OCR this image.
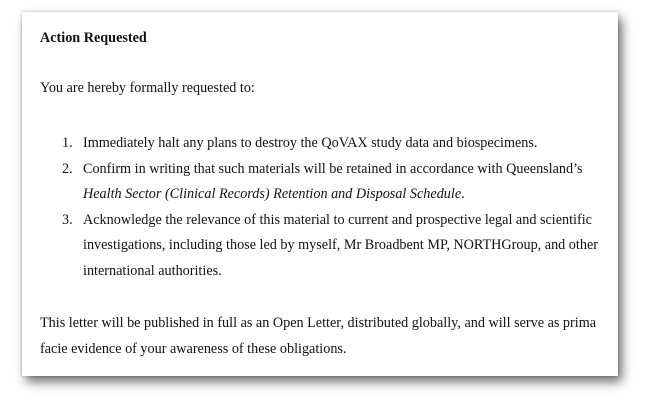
Action Requested

You are hereby formally requested to:

1. Immediately halt any plans to destroy the QoVAX study data and biospecimens.
2. Confirm in writing that such materials will be retained in accordance with Queensland’s Health Sector (Clinical Records) Retention and Disposal Schedule.
3. Acknowledge the relevance of this material to current and prospective legal and scientific investigations, including those led by myself, Mr Broadbent MP, NORTHGroup, and other international authorities.

This letter will be published in full as an Open Letter, distributed globally, and will serve as prima facie evidence of your awareness of these obligations.
